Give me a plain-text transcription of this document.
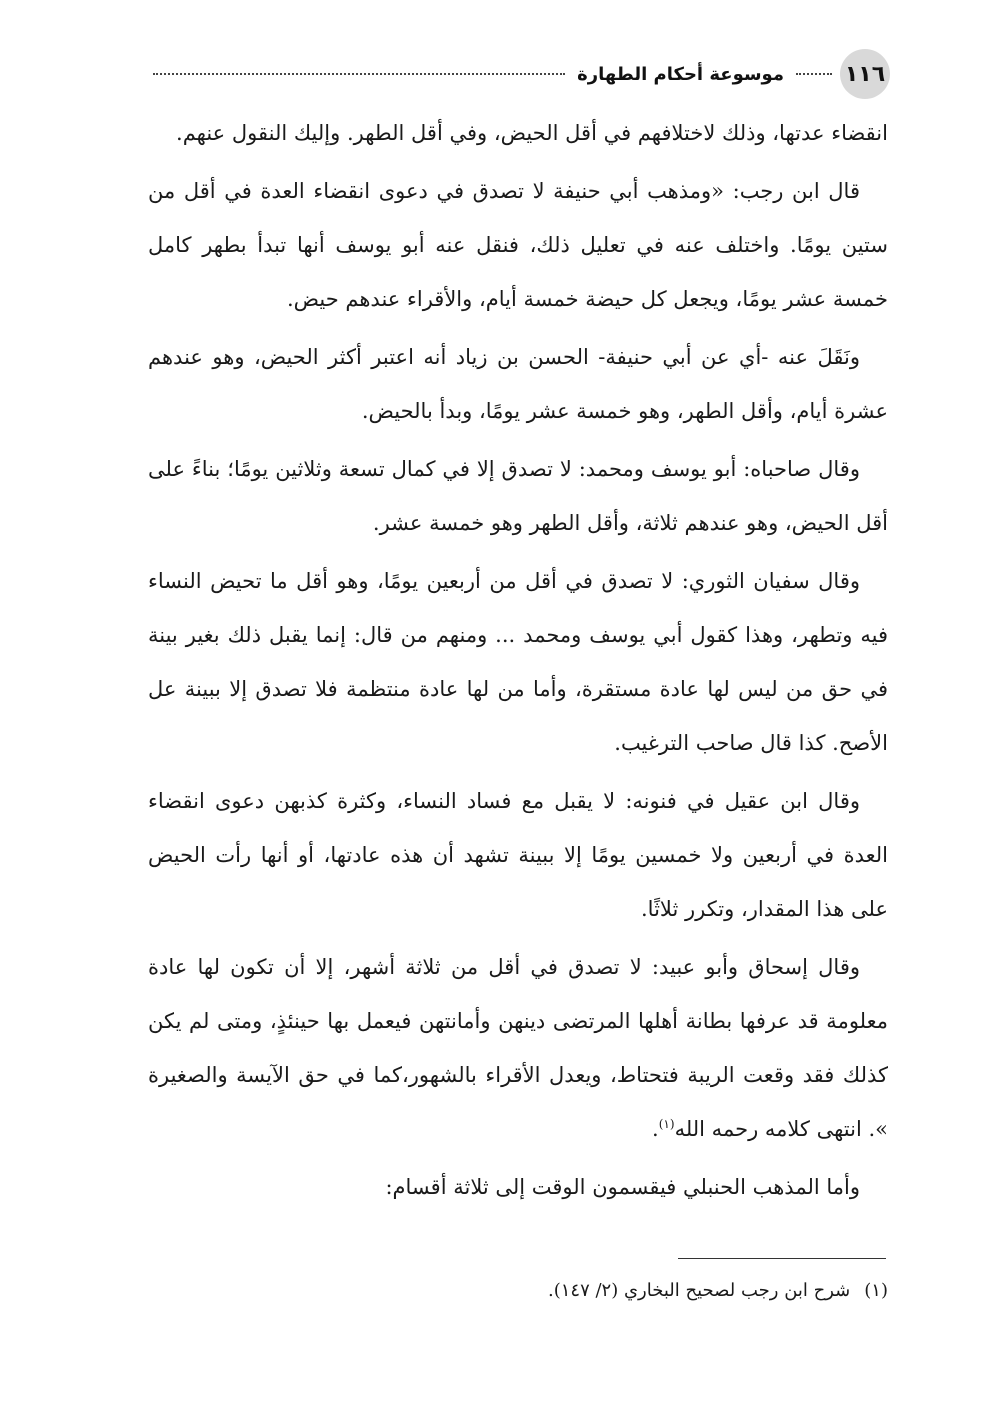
١١٦
موسوعة أحكام الطهارة

انقضاء عدتها، وذلك لاختلافهم في أقل الحيض، وفي أقل الطهر. وإليك النقول عنهم.

قال ابن رجب: «ومذهب أبي حنيفة لا تصدق في دعوى انقضاء العدة في أقل من ستين يومًا. واختلف عنه في تعليل ذلك، فنقل عنه أبو يوسف أنها تبدأ بطهر كامل خمسة عشر يومًا، ويجعل كل حيضة خمسة أيام، والأقراء عندهم حيض.

ونَقَلَ عنه -أي عن أبي حنيفة- الحسن بن زياد أنه اعتبر أكثر الحيض، وهو عندهم عشرة أيام، وأقل الطهر، وهو خمسة عشر يومًا، وبدأ بالحيض.

وقال صاحباه: أبو يوسف ومحمد: لا تصدق إلا في كمال تسعة وثلاثين يومًا؛ بناءً على أقل الحيض، وهو عندهم ثلاثة، وأقل الطهر وهو خمسة عشر.

وقال سفيان الثوري: لا تصدق في أقل من أربعين يومًا، وهو أقل ما تحيض النساء فيه وتطهر، وهذا كقول أبي يوسف ومحمد ... ومنهم من قال: إنما يقبل ذلك بغير بينة في حق من ليس لها عادة مستقرة، وأما من لها عادة منتظمة فلا تصدق إلا ببينة عل الأصح. كذا قال صاحب الترغيب.

وقال ابن عقيل في فنونه: لا يقبل مع فساد النساء، وكثرة كذبهن دعوى انقضاء العدة في أربعين ولا خمسين يومًا إلا ببينة تشهد أن هذه عادتها، أو أنها رأت الحيض على هذا المقدار، وتكرر ثلاثًا.

وقال إسحاق وأبو عبيد: لا تصدق في أقل من ثلاثة أشهر، إلا أن تكون لها عادة معلومة قد عرفها بطانة أهلها المرتضى دينهن وأمانتهن فيعمل بها حينئذٍ، ومتى لم يكن كذلك فقد وقعت الريبة فتحتاط، ويعدل الأقراء بالشهور،كما في حق الآيسة والصغيرة ». انتهى كلامه رحمه الله$^{(١)}$.

وأما المذهب الحنبلي فيقسمون الوقت إلى ثلاثة أقسام:

(١)شرح ابن رجب لصحيح البخاري (٢/ ١٤٧).
